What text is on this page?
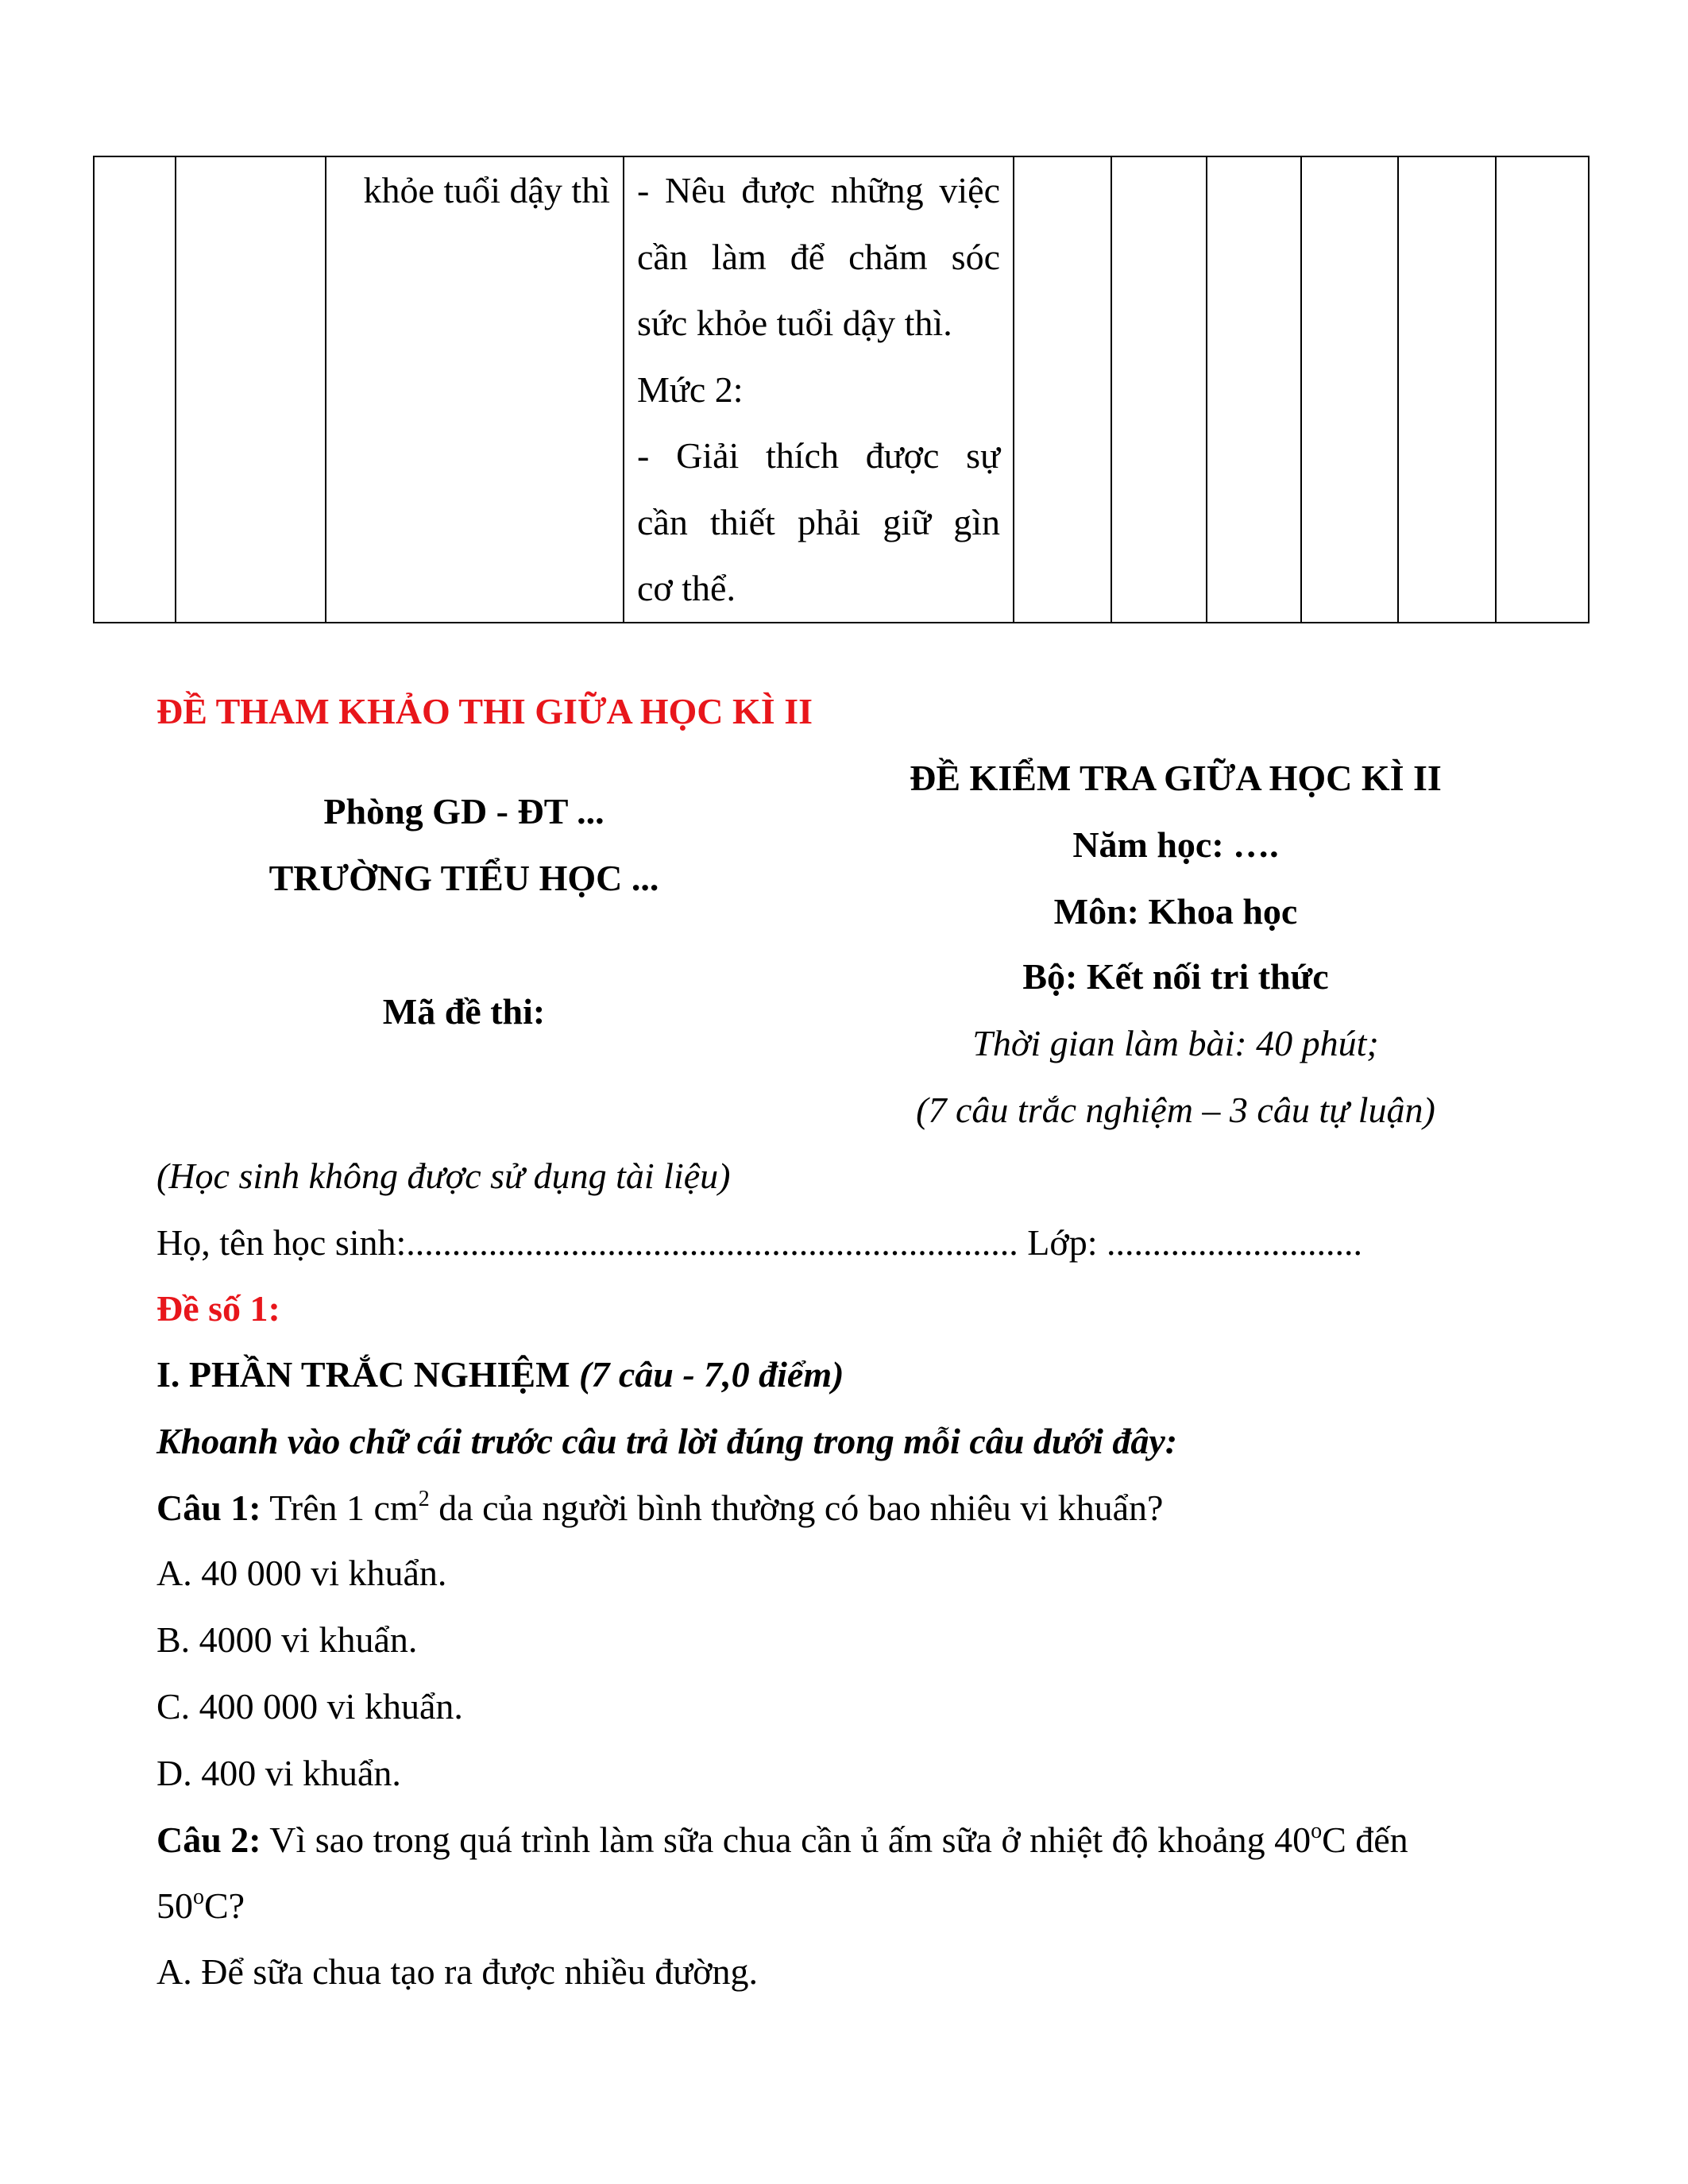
khỏe tuổi dậy thì	- Nêu được những việc
cần làm để chăm sóc
sức khỏe tuổi dậy thì.
Mức 2:
- Giải thích được sự
cần thiết phải giữ gìn
cơ thể.

ĐỀ THAM KHẢO THI GIỮA HỌC KÌ II
Phòng GD - ĐT ...
TRƯỜNG TIỂU HỌC ...
Mã đề thi:
ĐỀ KIỂM TRA GIỮA HỌC KÌ II
Năm học: ….
Môn: Khoa học
Bộ: Kết nối tri thức
Thời gian làm bài: 40 phút;
(7 câu trắc nghiệm – 3 câu tự luận)
(Học sinh không được sử dụng tài liệu)
Họ, tên học sinh:................................................................... Lớp: ............................
Đề số 1:
I. PHẦN TRẮC NGHIỆM (7 câu - 7,0 điểm)
Khoanh vào chữ cái trước câu trả lời đúng trong mỗi câu dưới đây:
Câu 1: Trên 1 $cm^2$ da của người bình thường có bao nhiêu vi khuẩn?
A. 40 000 vi khuẩn.
B. 4000 vi khuẩn.
C. 400 000 vi khuẩn.
D. 400 vi khuẩn.
Câu 2: Vì sao trong quá trình làm sữa chua cần ủ ấm sữa ở nhiệt độ khoảng 40$^o$C đến
50$^o$C?
A. Để sữa chua tạo ra được nhiều đường.
